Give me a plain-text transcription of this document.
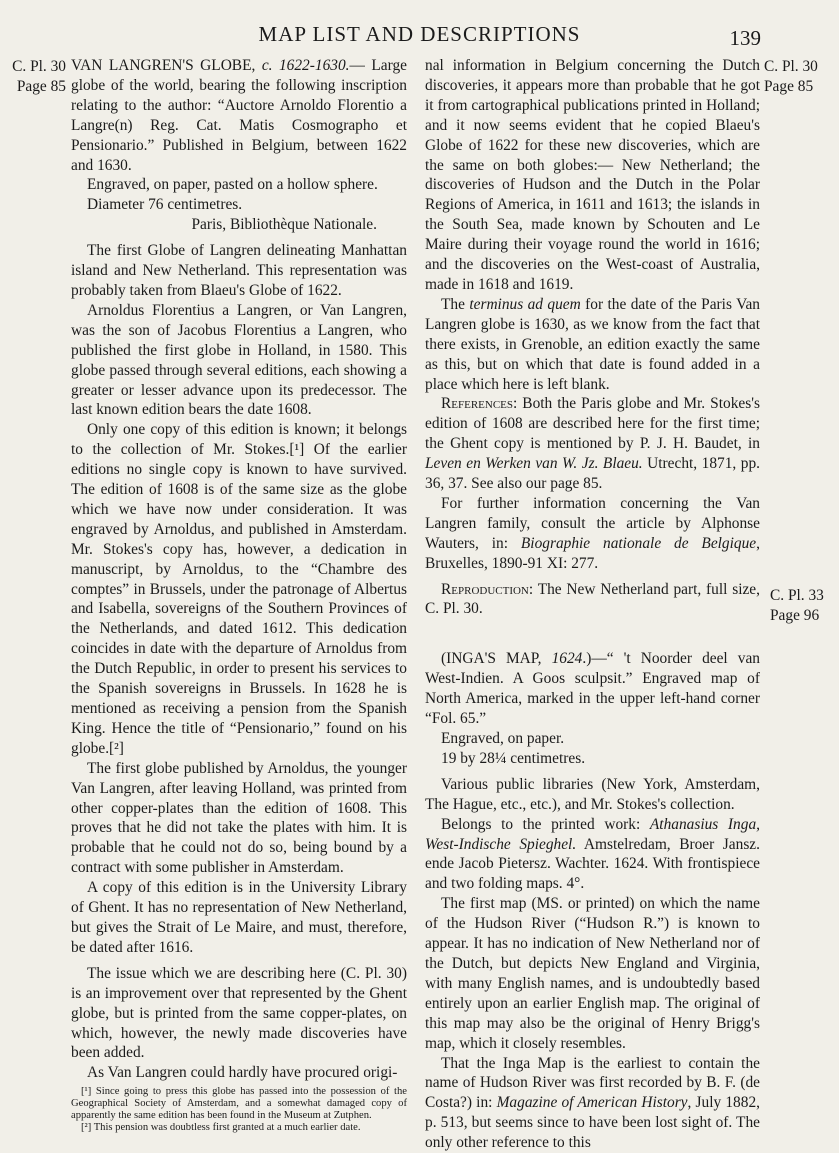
MAP LIST AND DESCRIPTIONS	139
C. Pl. 30
Page 85
C. Pl. 30
Page 85
C. Pl. 33
Page 96

VAN LANGREN'S GLOBE, c. 1622-1630.— Large globe of the world, bearing the following inscription relating to the author: “Auctore Arnoldo Florentio a Langre(n) Reg. Cat. Matis Cosmographo et Pensionario.” Published in Belgium, between 1622 and 1630.

Engraved, on paper, pasted on a hollow sphere.

Diameter 76 centimetres.

Paris, Bibliothèque Nationale.

The first Globe of Langren delineating Manhattan island and New Netherland. This representation was probably taken from Blaeu's Globe of 1622.

Arnoldus Florentius a Langren, or Van Langren, was the son of Jacobus Florentius a Langren, who published the first globe in Holland, in 1580. This globe passed through several editions, each showing a greater or lesser advance upon its predecessor. The last known edition bears the date 1608.

Only one copy of this edition is known; it belongs to the collection of Mr. Stokes.[¹] Of the earlier editions no single copy is known to have survived. The edition of 1608 is of the same size as the globe which we have now under consideration. It was engraved by Arnoldus, and published in Amsterdam. Mr. Stokes's copy has, however, a dedication in manuscript, by Arnoldus, to the “Chambre des comptes” in Brussels, under the patronage of Albertus and Isabella, sovereigns of the Southern Provinces of the Netherlands, and dated 1612. This dedication coincides in date with the departure of Arnoldus from the Dutch Republic, in order to present his services to the Spanish sovereigns in Brussels. In 1628 he is mentioned as receiving a pension from the Spanish King. Hence the title of “Pensionario,” found on his globe.[²]

The first globe published by Arnoldus, the younger Van Langren, after leaving Holland, was printed from other copper-plates than the edition of 1608. This proves that he did not take the plates with him. It is probable that he could not do so, being bound by a contract with some publisher in Amsterdam.

A copy of this edition is in the University Library of Ghent. It has no representation of New Netherland, but gives the Strait of Le Maire, and must, therefore, be dated after 1616.

The issue which we are describing here (C. Pl. 30) is an improvement over that represented by the Ghent globe, but is printed from the same copper-plates, on which, however, the newly made discoveries have been added.

As Van Langren could hardly have procured origi-

[¹] Since going to press this globe has passed into the possession of the Geographical Society of Amsterdam, and a somewhat damaged copy of apparently the same edition has been found in the Museum at Zutphen.

[²] This pension was doubtless first granted at a much earlier date.

nal information in Belgium concerning the Dutch discoveries, it appears more than probable that he got it from cartographical publications printed in Holland; and it now seems evident that he copied Blaeu's Globe of 1622 for these new discoveries, which are the same on both globes:— New Netherland; the discoveries of Hudson and the Dutch in the Polar Regions of America, in 1611 and 1613; the islands in the South Sea, made known by Schouten and Le Maire during their voyage round the world in 1616; and the discoveries on the West-coast of Australia, made in 1618 and 1619.

The terminus ad quem for the date of the Paris Van Langren globe is 1630, as we know from the fact that there exists, in Grenoble, an edition exactly the same as this, but on which that date is found added in a place which here is left blank.

References: Both the Paris globe and Mr. Stokes's edition of 1608 are described here for the first time; the Ghent copy is mentioned by P. J. H. Baudet, in Leven en Werken van W. Jz. Blaeu. Utrecht, 1871, pp. 36, 37. See also our page 85.

For further information concerning the Van Langren family, consult the article by Alphonse Wauters, in: Biographie nationale de Belgique, Bruxelles, 1890-91 XI: 277.

Reproduction: The New Netherland part, full size, C. Pl. 30.

(INGA'S MAP, 1624.)—“ 't Noorder deel van West-Indien. A Goos sculpsit.” Engraved map of North America, marked in the upper left-hand corner “Fol. 65.”

Engraved, on paper.

19 by 28¼ centimetres.

Various public libraries (New York, Amsterdam, The Hague, etc., etc.), and Mr. Stokes's collection.

Belongs to the printed work: Athanasius Inga, West-Indische Spieghel. Amstelredam, Broer Jansz. ende Jacob Pietersz. Wachter. 1624. With frontispiece and two folding maps. 4°.

The first map (MS. or printed) on which the name of the Hudson River (“Hudson R.”) is known to appear. It has no indication of New Netherland nor of the Dutch, but depicts New England and Virginia, with many English names, and is undoubtedly based entirely upon an earlier English map. The original of this map may also be the original of Henry Brigg's map, which it closely resembles.

That the Inga Map is the earliest to contain the name of Hudson River was first recorded by B. F. (de Costa?) in: Magazine of American History, July 1882, p. 513, but seems since to have been lost sight of. The only other reference to this
